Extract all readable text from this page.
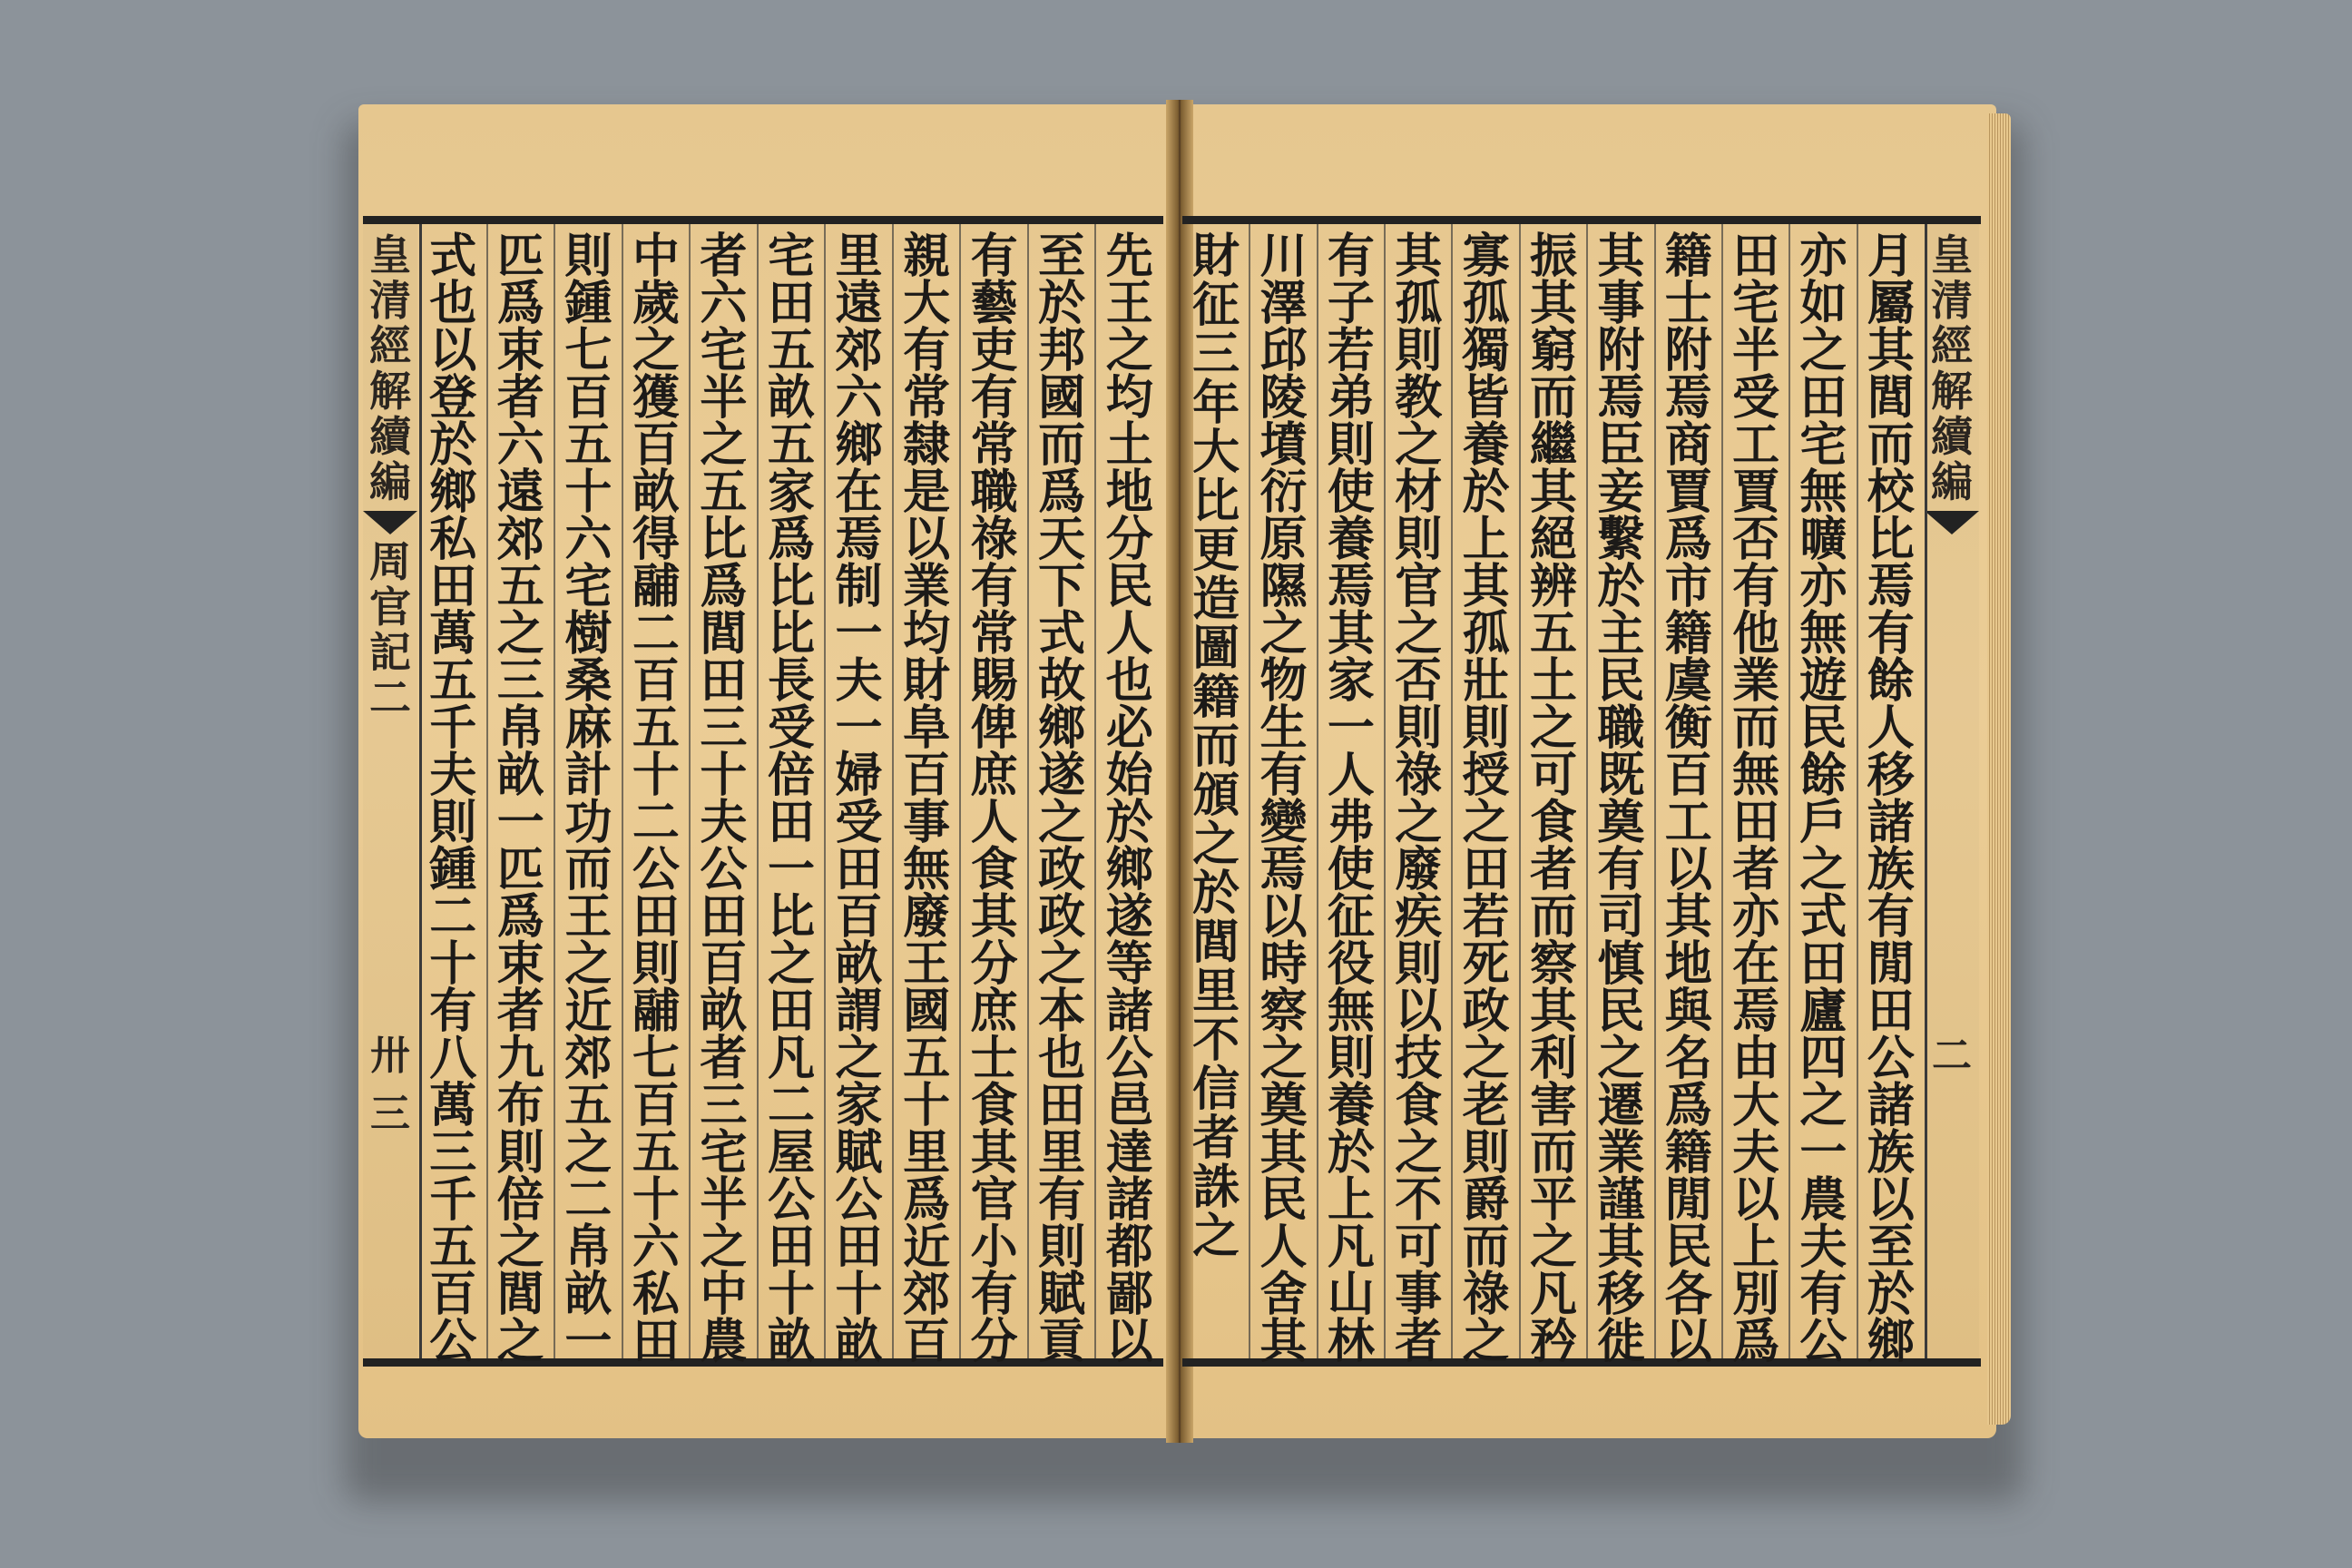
皇
清
經
解
續
編
周
官
記
二
卅
三
先
王
之
均
土
地
分
民
人
也
必
始
於
鄉
遂
等
諸
公
邑
達
諸
都
鄙
以
至
於
邦
國
而
爲
天
下
式
故
鄉
遂
之
政
政
之
本
也
田
里
有
則
賦
貢
有
藝
吏
有
常
職
祿
有
常
賜
俾
庶
人
食
其
分
庶
士
食
其
官
小
有
分
親
大
有
常
隸
是
以
業
均
財
阜
百
事
無
廢
王
國
五
十
里
爲
近
郊
百
里
遠
郊
六
鄉
在
焉
制
一
夫
一
婦
受
田
百
畝
謂
之
家
賦
公
田
十
畝
宅
田
五
畝
五
家
爲
比
比
長
受
倍
田
一
比
之
田
凡
二
屋
公
田
十
畝
者
六
宅
半
之
五
比
爲
閭
田
三
十
夫
公
田
百
畝
者
三
宅
半
之
中
農
中
歲
之
獲
百
畝
得
鬴
二
百
五
十
二
公
田
則
鬴
七
百
五
十
六
私
田
則
鍾
七
百
五
十
六
宅
樹
桑
麻
計
功
而
王
之
近
郊
五
之
二
帛
畝
一
匹
爲
束
者
六
遠
郊
五
之
三
帛
畝
一
匹
爲
束
者
九
布
則
倍
之
閭
之
式
也
以
登
於
鄉
私
田
萬
五
千
夫
則
鍾
二
十
有
八
萬
三
千
五
百
公
皇
清
經
解
續
編
二
月
屬
其
閭
而
校
比
焉
有
餘
人
移
諸
族
有
閒
田
公
諸
族
以
至
於
鄉
亦
如
之
田
宅
無
曠
亦
無
遊
民
餘
戶
之
式
田
廬
四
之
一
農
夫
有
公
田
宅
半
受
工
賈
否
有
他
業
而
無
田
者
亦
在
焉
由
大
夫
以
上
別
爲
籍
士
附
焉
商
賈
爲
市
籍
虞
衡
百
工
以
其
地
與
名
爲
籍
閒
民
各
以
其
事
附
焉
臣
妾
繫
於
主
民
職
既
奠
有
司
慎
民
之
遷
業
謹
其
移
徙
振
其
窮
而
繼
其
絕
辨
五
土
之
可
食
者
而
察
其
利
害
而
平
之
凡
矜
寡
孤
獨
皆
養
於
上
其
孤
壯
則
授
之
田
若
死
政
之
老
則
爵
而
祿
之
其
孤
則
教
之
材
則
官
之
否
則
祿
之
廢
疾
則
以
技
食
之
不
可
事
者
有
子
若
弟
則
使
養
焉
其
家
一
人
弗
使
征
役
無
則
養
於
上
凡
山
林
川
澤
邱
陵
墳
衍
原
隰
之
物
生
有
變
焉
以
時
察
之
奠
其
民
人
舍
其
財
征
三
年
大
比
更
造
圖
籍
而
頒
之
於
閭
里
不
信
者
誅
之
